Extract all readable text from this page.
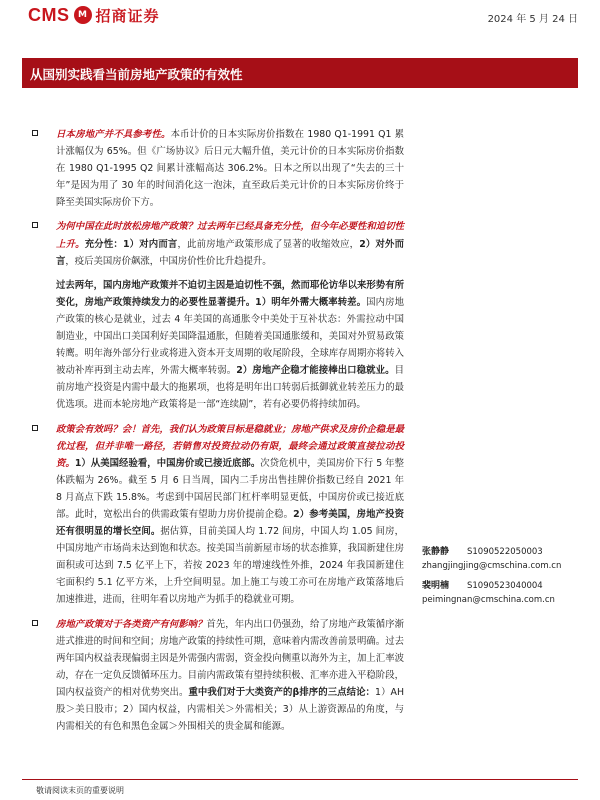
CMS M 招商证券	2024 年 5 月 24 日
从国别实践看当前房地产政策的有效性
日本房地产并不具参考性。本币计价的日本实际房价指数在 1980 Q1-1991 Q1 累计涨幅仅为 65%。但《广场协议》后日元大幅升值，美元计价的日本实际房价指数在 1980 Q1-1995 Q2 间累计涨幅高达 306.2%。日本之所以出现了“失去的三十年”是因为用了 30 年的时间消化这一泡沫，直至政后美元计价的日本实际房价终于降至美国实际房价下方。
为何中国在此时放松房地产政策？过去两年已经具备充分性，但今年必要性和迫切性上升。充分性：1）对内而言，此前房地产政策形成了显著的收缩效应，2）对外而言，疫后美国房价飙涨，中国房价性价比升趋提升。
过去两年，国内房地产政策并不迫切主因是迫切性不强，然而耶伦访华以来形势有所变化，房地产政策持续发力的必要性显著提升。1）明年外需大概率转差。国内房地产政策的核心是就业，过去 4 年美国的高通胀令中美处于互补状态：外需拉动中国制造业，中国出口美国利好美国降温通胀，但随着美国通胀缓和，美国对外贸易政策转鹰。明年海外部分行业或将进入资本开支周期的收尾阶段，全球库存周期亦将转入被动补库再到主动去库，外需大概率转弱。2）房地产企稳才能接棒出口稳就业。目前房地产投资是内需中最大的拖累项，也将是明年出口转弱后抵御就业转差压力的最优选项。进而本轮房地产政策将是一部“连续剧”，若有必要仍将持续加码。
政策会有效吗？会！首先，我们认为政策目标是稳就业；房地产供求及房价企稳是最优过程，但并非唯一路径，若销售对投资拉动仍有限，最终会通过政策直接拉动投资。1）从美国经验看，中国房价或已接近底部。次贷危机中，美国房价下行 5 年整体跌幅为 26%。截至 5 月 6 日当周，国内二手房出售挂牌价指数已经自 2021 年 8 月高点下跌 15.8%。考虑到中国居民部门杠杆率明显更低，中国房价或已接近底部。此时，宽松出台的供需政策有望助力房价提前企稳。2）参考美国，房地产投资还有很明显的增长空间。据估算，目前美国人均 1.72 间房，中国人均 1.05 间房，中国房地产市场尚未达到饱和状态。按美国当前新屋市场的状态推算，我国新建住房面积或可达到 7.5 亿平上下，若按 2023 年的增速线性外推，2024 年我国新建住宅面积约 5.1 亿平方米，上升空间明显。加上施工与竣工亦可在房地产政策落地后加速推进，进而，往明年看以房地产为抓手的稳就业可期。
房地产政策对于各类资产有何影响？首先，年内出口仍强劲，给了房地产政策循序渐进式推进的时间和空间；房地产政策的持续性可期，意味着内需改善前景明确。过去两年国内权益表现偏弱主因是外需强内需弱，资金投向侧重以海外为主，加上汇率波动，存在一定负反馈循环压力。目前内需政策有望持续积极、汇率亦进入平稳阶段，国内权益资产的相对优势突出。重中我们对于大类资产的β排序的三点结论：1）AH 股＞美日股市；2）国内权益，内需相关＞外需相关；3）从上游资源品的角度，与内需相关的有色和黑色金属＞外围相关的贵金属和能源。
张静静	S1090522050003
zhangjingjing@cmschina.com.cn
裴明楠	S1090523040004
peimingnan@cmschina.com.cn
敬请阅读末页的重要说明
